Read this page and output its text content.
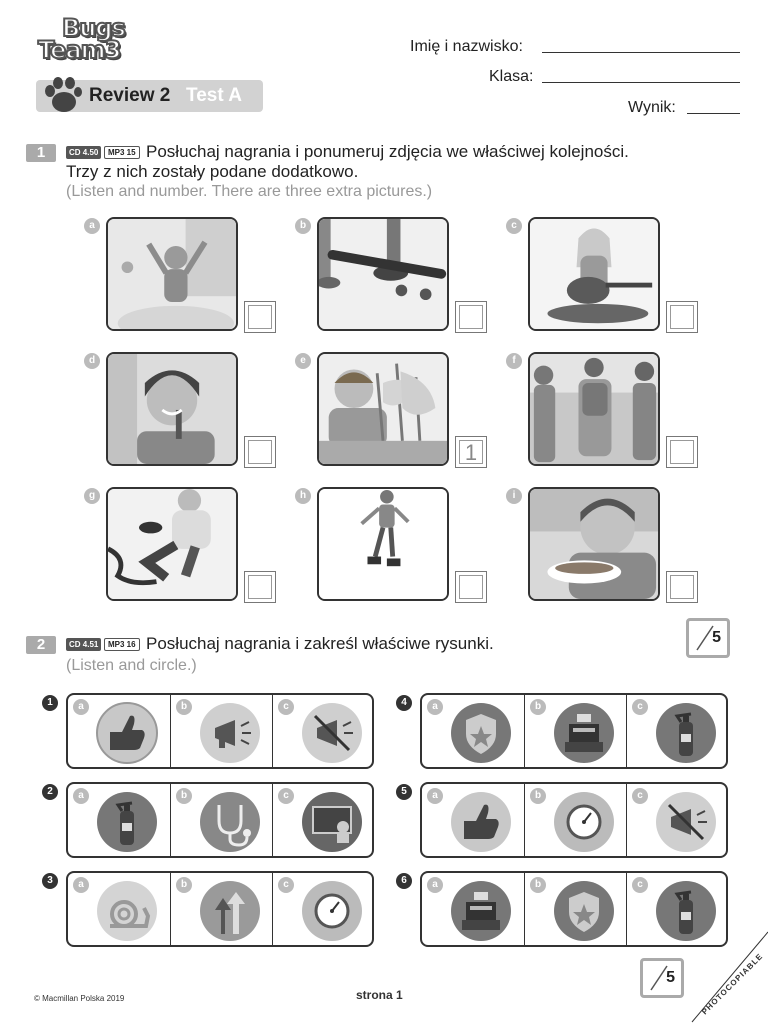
Bugs
Team3
Review 2 Test A
Imię i nazwisko:
Klasa:
Wynik:
1	CD 4.50	MP3 15 Posłuchaj nagrania i ponumeruj zdjęcia we właściwej kolejności.
Trzy z nich zostały podane dodatkowo.
(Listen and number. There are three extra pictures.)
a	b	c
d	e
1
f
g	h	i
5
2	CD 4.51	MP3 16 Posłuchaj nagrania i zakreśl właściwe rysunki.
(Listen and circle.)
1	a	b	c
2	a	b	c
3	a	b	c
4	a	b	c
5	a	b	c
6	a	b	c
5
© Macmillan Polska 2019	strona 1	PHOTOCOPIABLE
